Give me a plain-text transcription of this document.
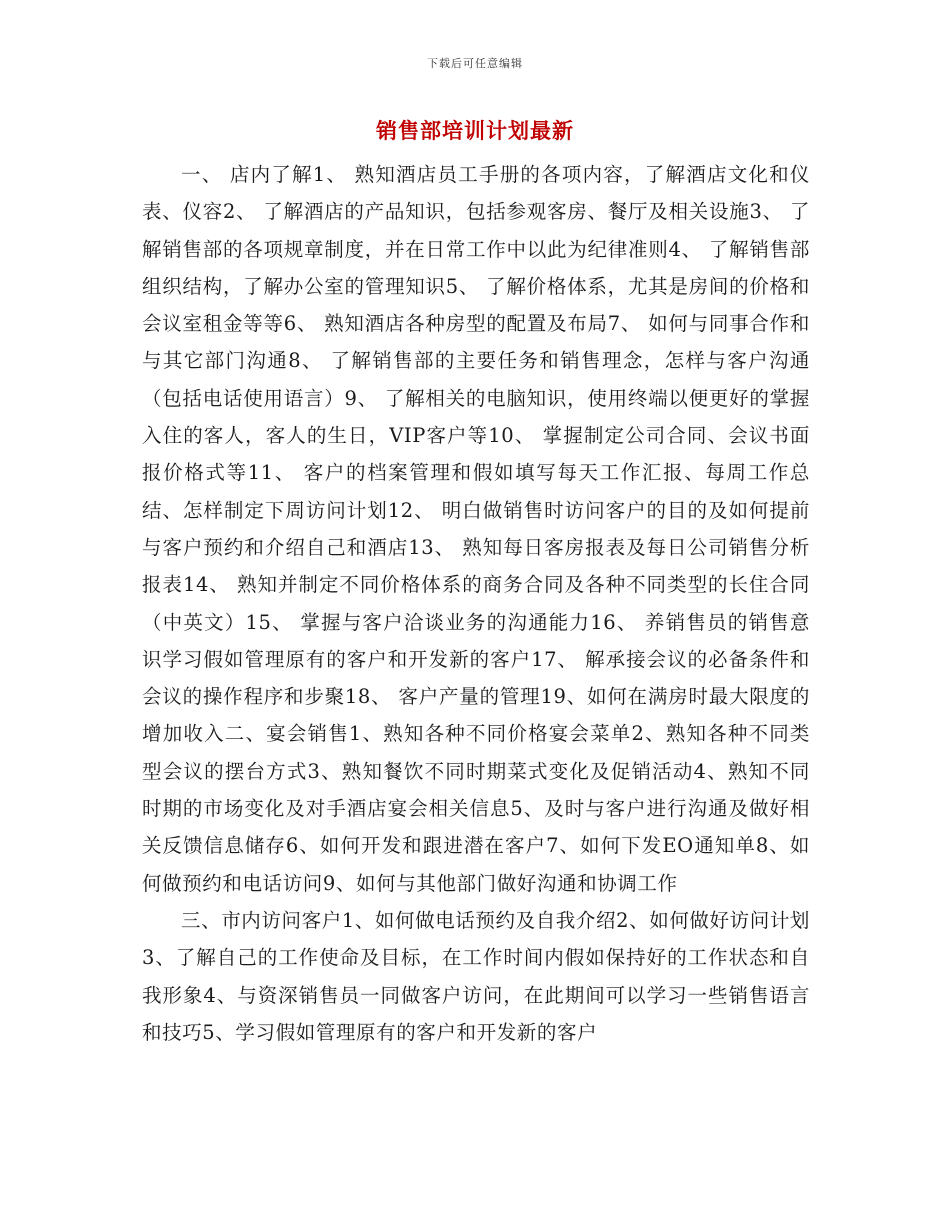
下载后可任意编辑
销售部培训计划最新

一、 店内了解1、 熟知酒店员工手册的各项内容，了解酒店文化和仪表、仪容2、 了解酒店的产品知识，包括参观客房、餐厅及相关设施3、 了解销售部的各项规章制度，并在日常工作中以此为纪律准则4、 了解销售部组织结构，了解办公室的管理知识5、 了解价格体系，尤其是房间的价格和会议室租金等等6、 熟知酒店各种房型的配置及布局7、 如何与同事合作和与其它部门沟通8、 了解销售部的主要任务和销售理念，怎样与客户沟通（包括电话使用语言）9、 了解相关的电脑知识，使用终端以便更好的掌握入住的客人，客人的生日，VIP客户等10、 掌握制定公司合同、会议书面报价格式等11、 客户的档案管理和假如填写每天工作汇报、每周工作总结、怎样制定下周访问计划12、 明白做销售时访问客户的目的及如何提前与客户预约和介绍自己和酒店13、 熟知每日客房报表及每日公司销售分析报表14、 熟知并制定不同价格体系的商务合同及各种不同类型的长住合同（中英文）15、 掌握与客户洽谈业务的沟通能力16、 养销售员的销售意识学习假如管理原有的客户和开发新的客户17、 解承接会议的必备条件和会议的操作程序和步聚18、 客户产量的管理19、如何在满房时最大限度的增加收入二、宴会销售1、熟知各种不同价格宴会菜单2、熟知各种不同类型会议的摆台方式3、熟知餐饮不同时期菜式变化及促销活动4、熟知不同时期的市场变化及对手酒店宴会相关信息5、及时与客户进行沟通及做好相关反馈信息储存6、如何开发和跟进潜在客户7、如何下发EO通知单8、如何做预约和电话访问9、如何与其他部门做好沟通和协调工作

三、市内访问客户1、如何做电话预约及自我介绍2、如何做好访问计划3、了解自己的工作使命及目标，在工作时间内假如保持好的工作状态和自我形象4、与资深销售员一同做客户访问，在此期间可以学习一些销售语言和技巧5、学习假如管理原有的客户和开发新的客户
